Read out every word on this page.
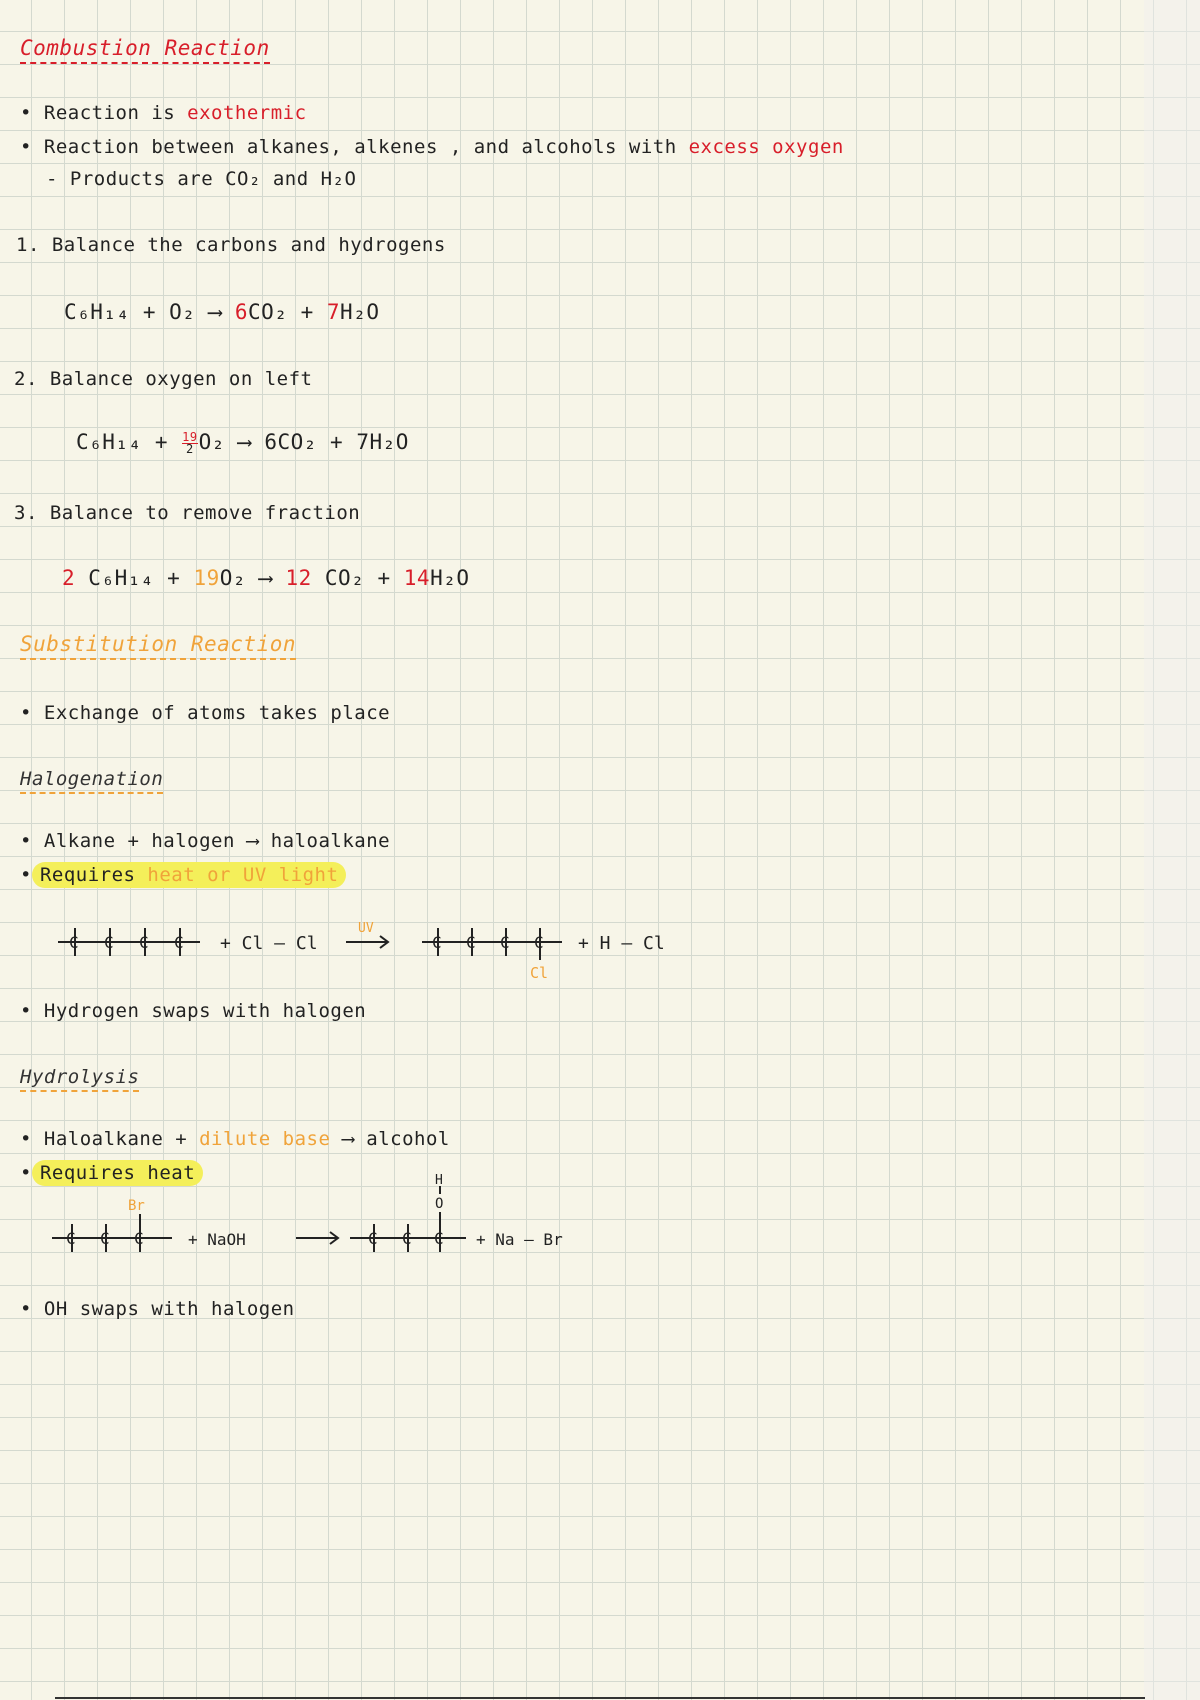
Combustion Reaction
• Reaction is exothermic
• Reaction between alkanes, alkenes , and alcohols with excess oxygen
- Products are CO₂ and H₂O
1. Balance the carbons and hydrogens
C₆H₁₄ + O₂ ⟶ 6CO₂ + 7H₂O
2. Balance oxygen on left
$C_6H_{14} + \frac{19}{2} O_2$ ⟶ 6CO₂ + 7H₂O
3. Balance to remove fraction
2 C₆H₁₄ + 19O₂ ⟶ 12 CO₂ + 14H₂O
Substitution Reaction
• Exchange of atoms takes place
Halogenation
• Alkane + halogen ⟶ haloalkane
• Requires heat or UV light
C C C C + Cl – Cl
UV
C C C C
Cl
+ H – Cl
• Hydrogen swaps with halogen
Hydrolysis
• Haloalkane + dilute base ⟶ alcohol
• Requires heat
Br
C C C	+ NaOH
H
O
C C C + Na – Br
• OH swaps with halogen
